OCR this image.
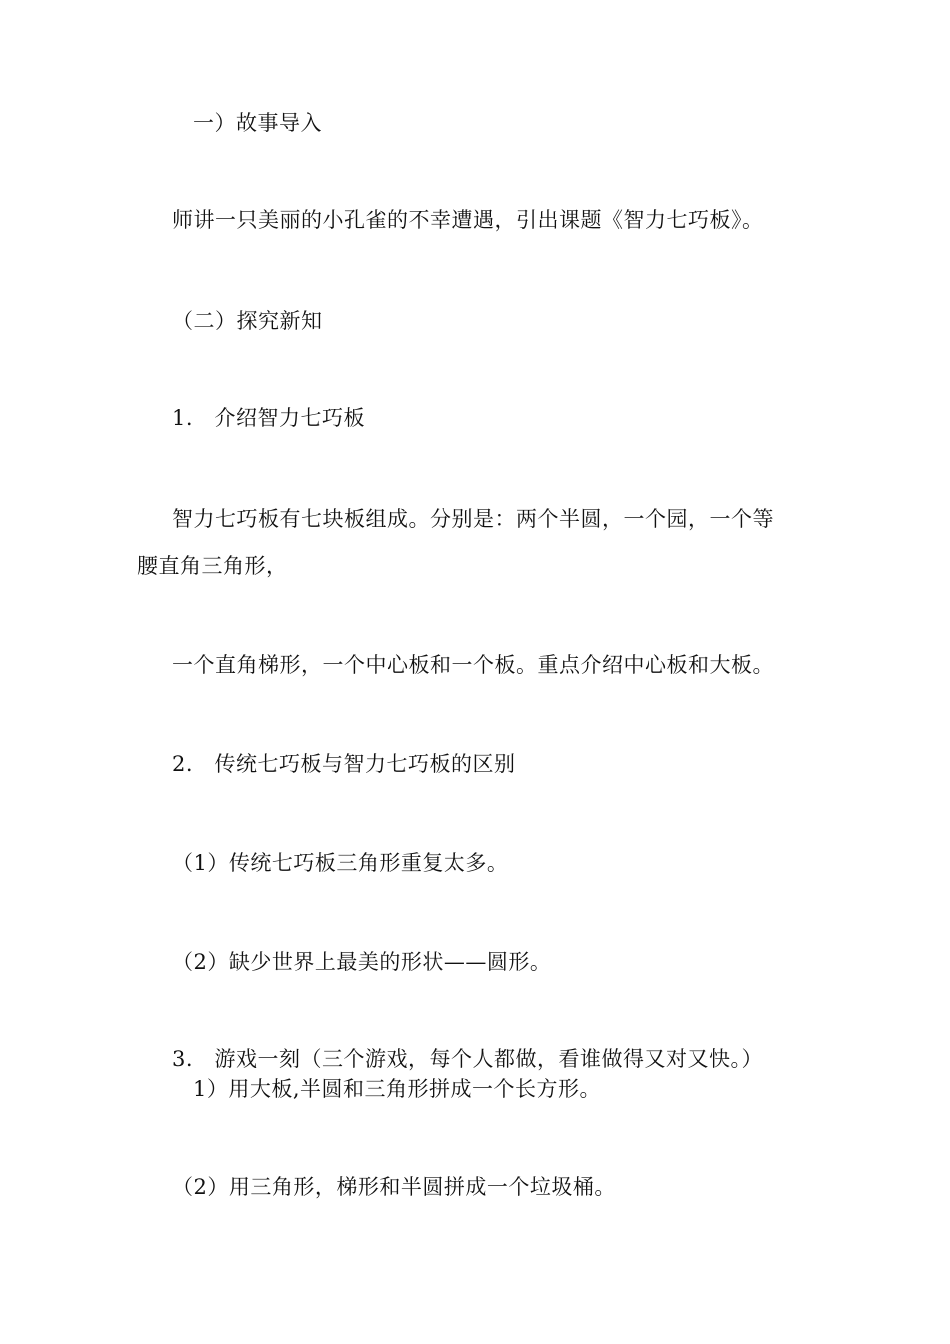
一）故事导入
师讲一只美丽的小孔雀的不幸遭遇，引出课题《智力七巧板》。
（二）探究新知
1.　介绍智力七巧板
智力七巧板有七块板组成。分别是：两个半圆，一个园，一个等
腰直角三角形，
一个直角梯形，一个中心板和一个板。重点介绍中心板和大板。
2.　传统七巧板与智力七巧板的区别
（1）传统七巧板三角形重复太多。
（2）缺少世界上最美的形状——圆形。
3.　游戏一刻（三个游戏，每个人都做，看谁做得又对又快。）
1）用大板,半圆和三角形拼成一个长方形。
（2）用三角形，梯形和半圆拼成一个垃圾桶。
